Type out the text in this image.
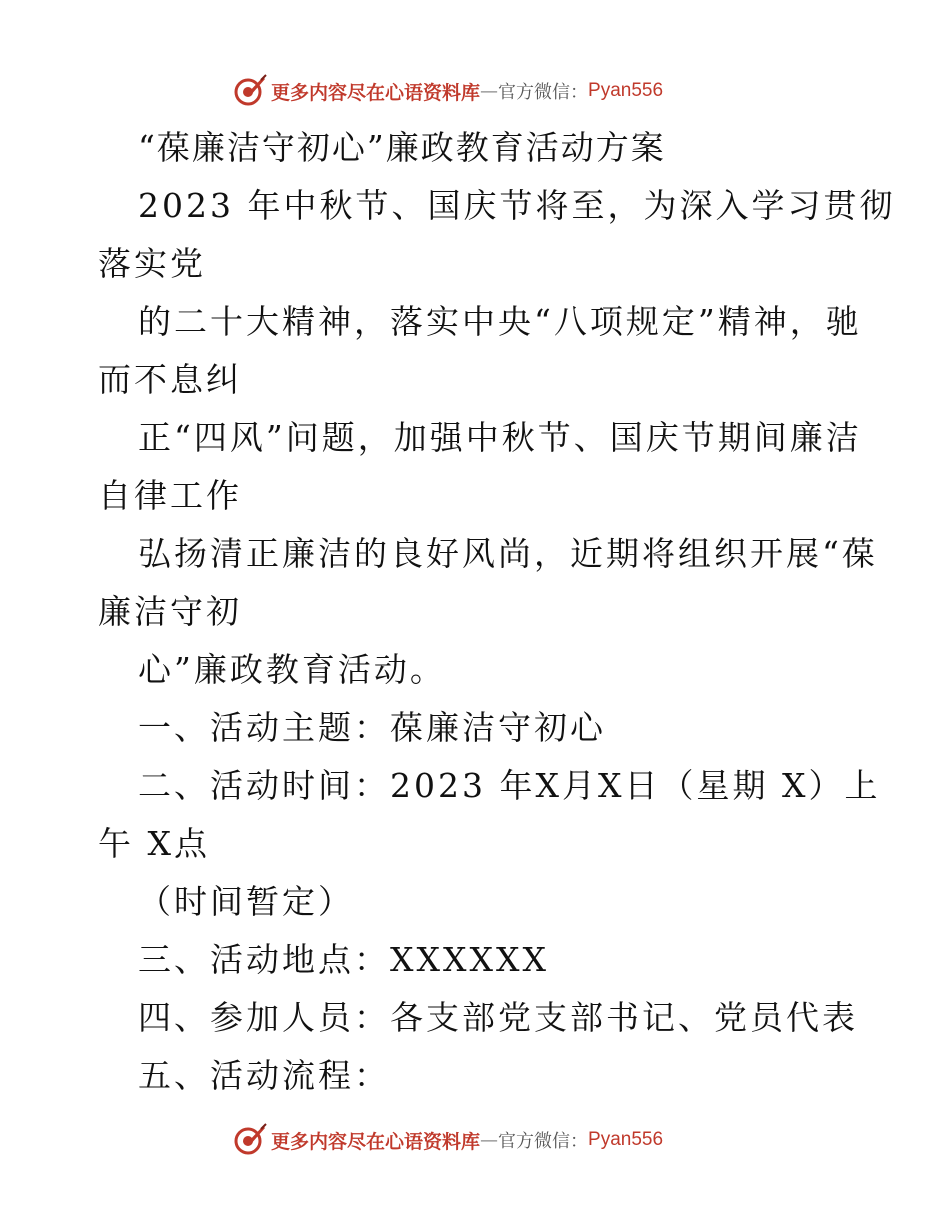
更多内容尽在心语资料库 — 官方微信： Pyan556
“葆廉洁守初心”廉政教育活动方案
2023 年中秋节、国庆节将至，为深入学习贯彻
落实党
的二十大精神，落实中央“八项规定”精神，驰
而不息纠
正“四风”问题，加强中秋节、国庆节期间廉洁
自律工作
弘扬清正廉洁的良好风尚，近期将组织开展“葆
廉洁守初
心”廉政教育活动。
一、活动主题：葆廉洁守初心
二、活动时间：2023 年X月X日（星期 X）上
午 X点
（时间暂定）
三、活动地点：XXXXXX
四、参加人员：各支部党支部书记、党员代表
五、活动流程：
更多内容尽在心语资料库 — 官方微信： Pyan556
